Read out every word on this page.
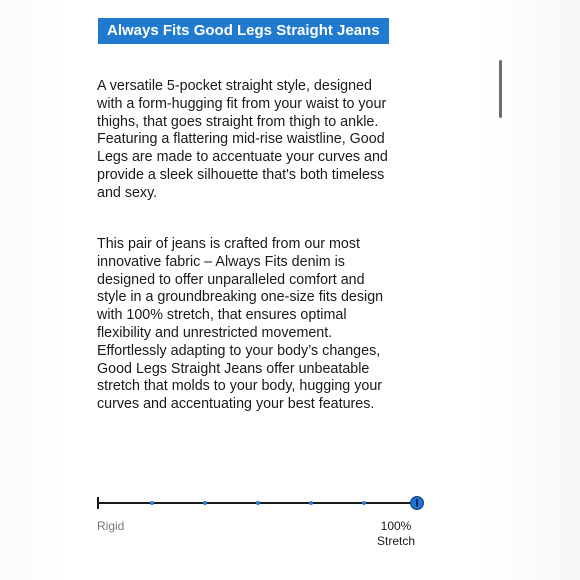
Always Fits Good Legs Straight Jeans

A versatile 5-pocket straight style, designed with a form-hugging fit from your waist to your thighs, that goes straight from thigh to ankle. Featuring a flattering mid-rise waistline, Good Legs are made to accentuate your curves and provide a sleek silhouette that's both timeless and sexy.

This pair of jeans is crafted from our most innovative fabric – Always Fits denim is designed to offer unparalleled comfort and style in a groundbreaking one-size fits design with 100% stretch, that ensures optimal flexibility and unrestricted movement. Effortlessly adapting to your body’s changes, Good Legs Straight Jeans offer unbeatable stretch that molds to your body, hugging your curves and accentuating your best features.

Rigid	100% Stretch
